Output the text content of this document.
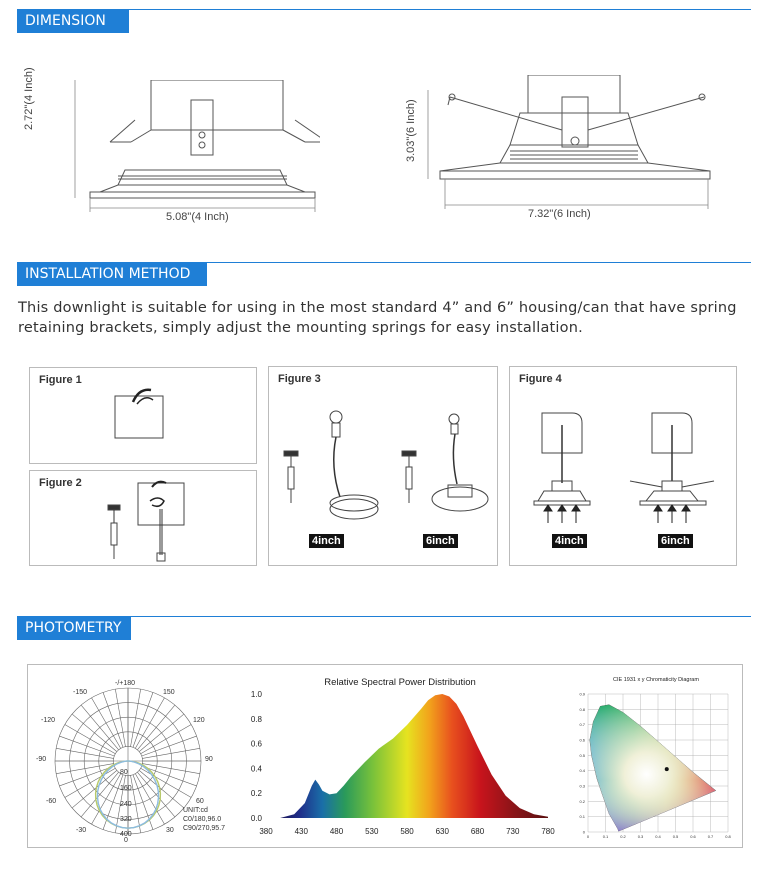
DIMENSION
2.72"(4 Inch)
5.08"(4 Inch)
3.03"(6 Inch)
7.32"(6 Inch)
INSTALLATION METHOD
This downlight is suitable for using in the most standard 4” and 6” housing/can that have spring retaining brackets, simply adjust the mounting springs for easy installation.
Figure 1
Figure 2
Figure 3
4inch	6inch
Figure 4
4inch	6inch
PHOTOMETRY
-/+180
150
-150
120
-120
90
-90
60
-60
30
-30
0
80
160
240
320
400
UNIT:cd
C0/180,96.0
C90/270,95.7
Relative Spectral Power Distribution
0.0
0.2
0.4
0.6
0.8
1.0
380	430	480	530	580	630	680	730	780
CIE 1931 x y Chromaticity Diagram
0	0.1	0.2	0.3	0.4	0.5	0.6	0.7	0.8
0.9
0.8
0.7
0.6
0.5
0.4
0.3
0.2
0.1
0
